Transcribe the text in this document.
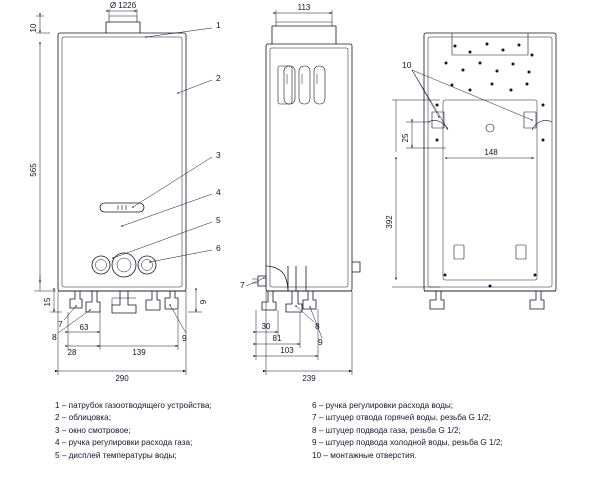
Ø 122б
10
565
15	9
63
28	139
290
113
30
81
103
239
25
148
392
1
2
3
4
5
6
7
8	9
7
8
9
10
1 – патрубок газоотводящего устройства;
2 – облицовка;
3 – окно смотровое;
4 – ручка регулировки расхода газа;
5 – дисплей температуры воды;
6 – ручка регулировки расхода воды;
7 – штуцер отвода горячей воды, резьба G 1/2;
8 – штуцер подвода газа, резьба G 1/2;
9 – штуцер подвода холодной воды, резьба G 1/2;
10 – монтажные отверстия.
